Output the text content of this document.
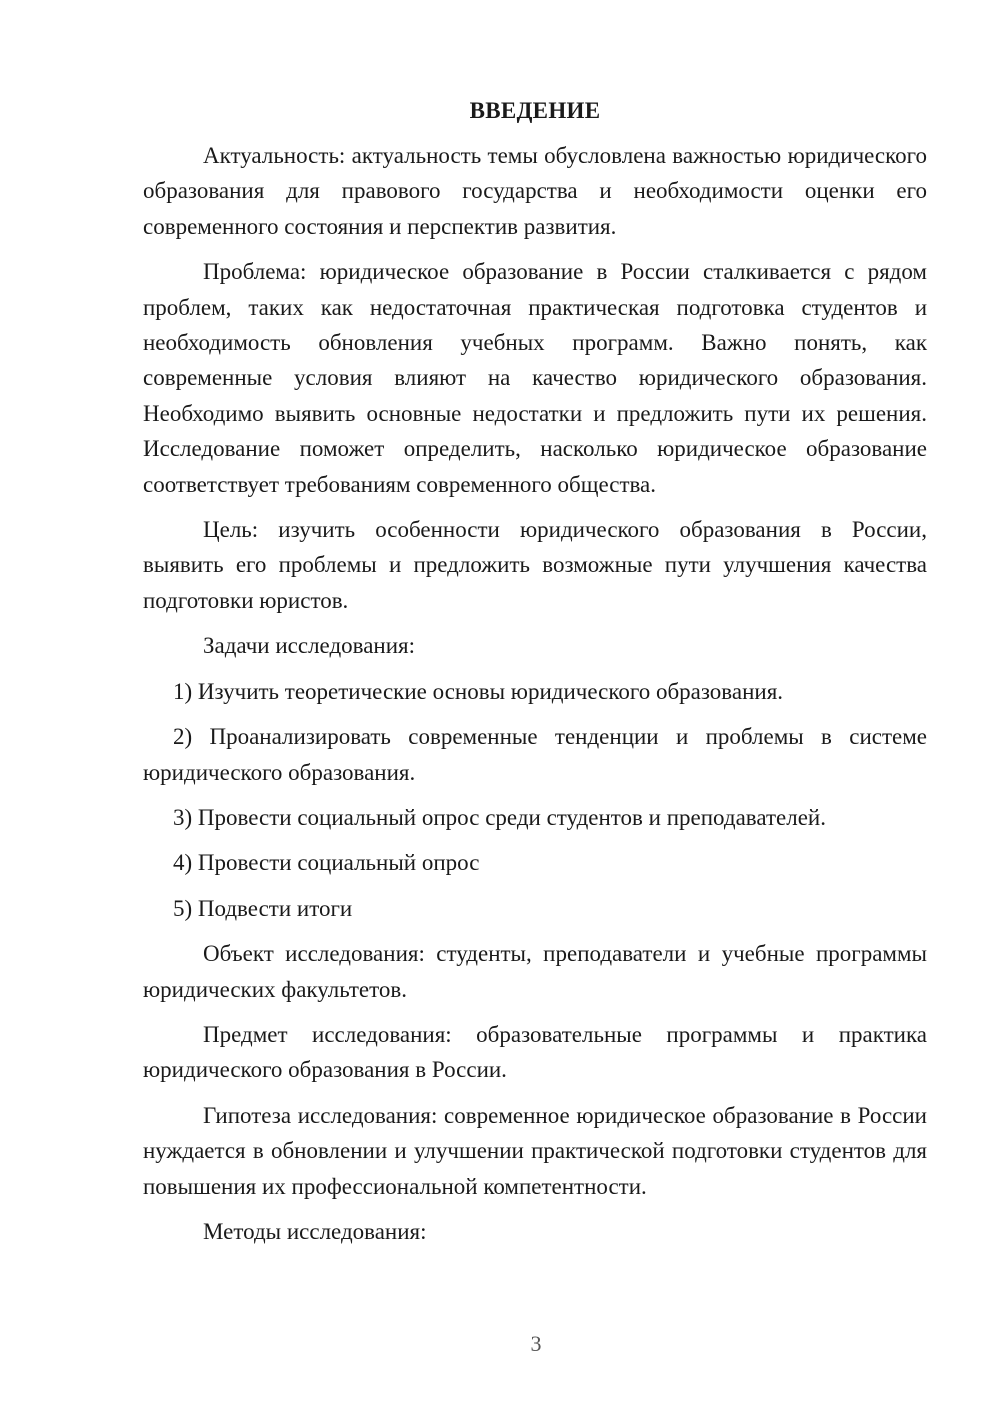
ВВЕДЕНИЕ

Актуальность: актуальность темы обусловлена важностью юридического образования для правового государства и необходимости оценки его современного состояния и перспектив развития.

Проблема: юридическое образование в России сталкивается с рядом проблем, таких как недостаточная практическая подготовка студентов и необходимость обновления учебных программ. Важно понять, как современные условия влияют на качество юридического образования. Необходимо выявить основные недостатки и предложить пути их решения. Исследование поможет определить, насколько юридическое образование соответствует требованиям современного общества.

Цель: изучить особенности юридического образования в России, выявить его проблемы и предложить возможные пути улучшения качества подготовки юристов.

Задачи исследования:

1) Изучить теоретические основы юридического образования.

2) Проанализировать современные тенденции и проблемы в системе юридического образования.

3) Провести социальный опрос среди студентов и преподавателей.

4) Провести социальный опрос

5) Подвести итоги

Объект исследования: студенты, преподаватели и учебные программы юридических факультетов.

Предмет исследования: образовательные программы и практика юридического образования в России.

Гипотеза исследования: современное юридическое образование в России нуждается в обновлении и улучшении практической подготовки студентов для повышения их профессиональной компетентности.

Методы исследования:

3
